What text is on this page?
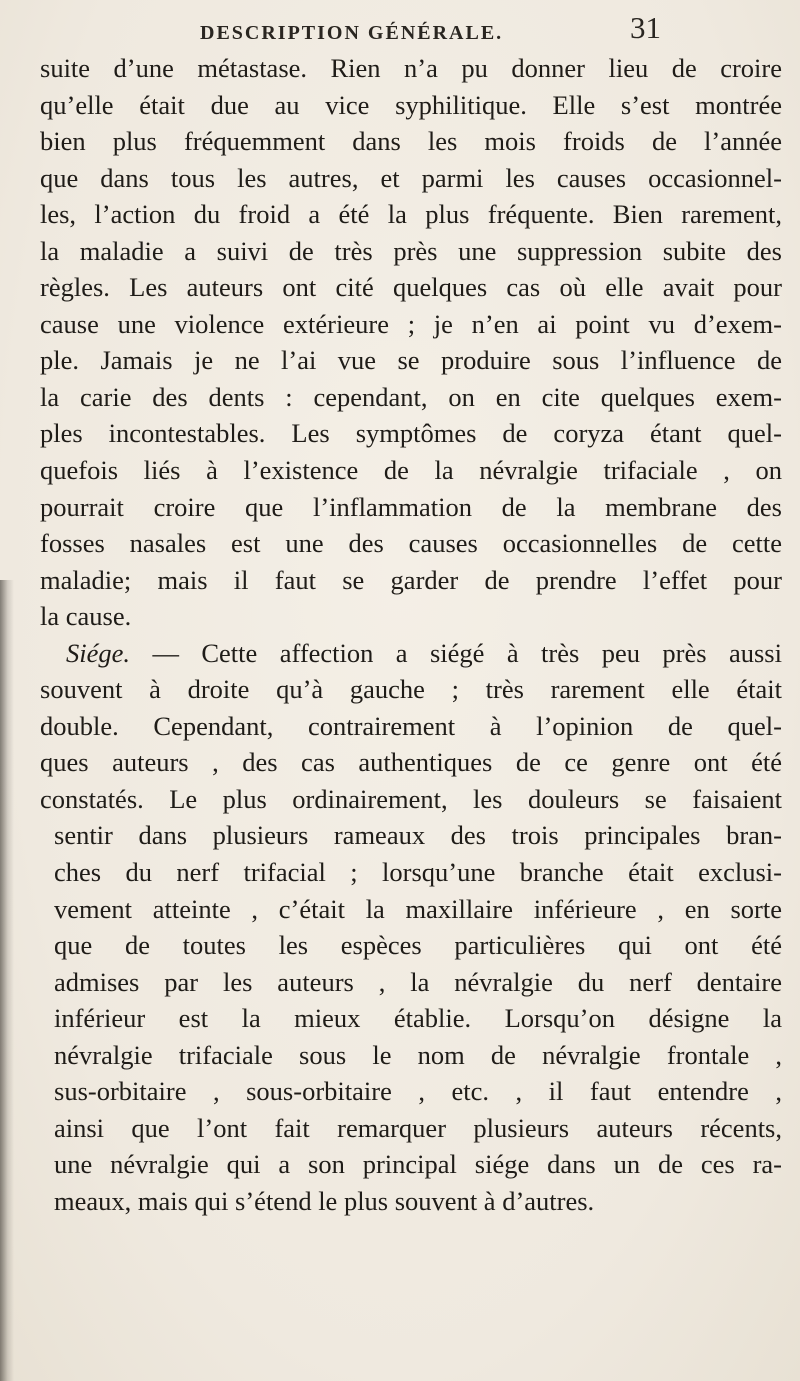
DESCRIPTION GÉNÉRALE.	31
suite d’une métastase. Rien n’a pu donner lieu de croire
qu’elle était due au vice syphilitique. Elle s’est montrée
bien plus fréquemment dans les mois froids de l’année
que dans tous les autres, et parmi les causes occasionnel-
les, l’action du froid a été la plus fréquente. Bien rarement,
la maladie a suivi de très près une suppression subite des
règles. Les auteurs ont cité quelques cas où elle avait pour
cause une violence extérieure ; je n’en ai point vu d’exem-
ple. Jamais je ne l’ai vue se produire sous l’influence de
la carie des dents : cependant, on en cite quelques exem-
ples incontestables. Les symptômes de coryza étant quel-
quefois liés à l’existence de la névralgie trifaciale , on
pourrait croire que l’inflammation de la membrane des
fosses nasales est une des causes occasionnelles de cette
maladie; mais il faut se garder de prendre l’effet pour
la cause.
Siége. — Cette affection a siégé à très peu près aussi
souvent à droite qu’à gauche ; très rarement elle était
double. Cependant, contrairement à l’opinion de quel-
ques auteurs , des cas authentiques de ce genre ont été
constatés. Le plus ordinairement, les douleurs se faisaient
sentir dans plusieurs rameaux des trois principales bran-
ches du nerf trifacial ; lorsqu’une branche était exclusi-
vement atteinte , c’était la maxillaire inférieure , en sorte
que de toutes les espèces particulières qui ont été
admises par les auteurs , la névralgie du nerf dentaire
inférieur est la mieux établie. Lorsqu’on désigne la
névralgie trifaciale sous le nom de névralgie frontale ,
sus-orbitaire , sous-orbitaire , etc. , il faut entendre ,
ainsi que l’ont fait remarquer plusieurs auteurs récents,
une névralgie qui a son principal siége dans un de ces ra-
meaux, mais qui s’étend le plus souvent à d’autres.
